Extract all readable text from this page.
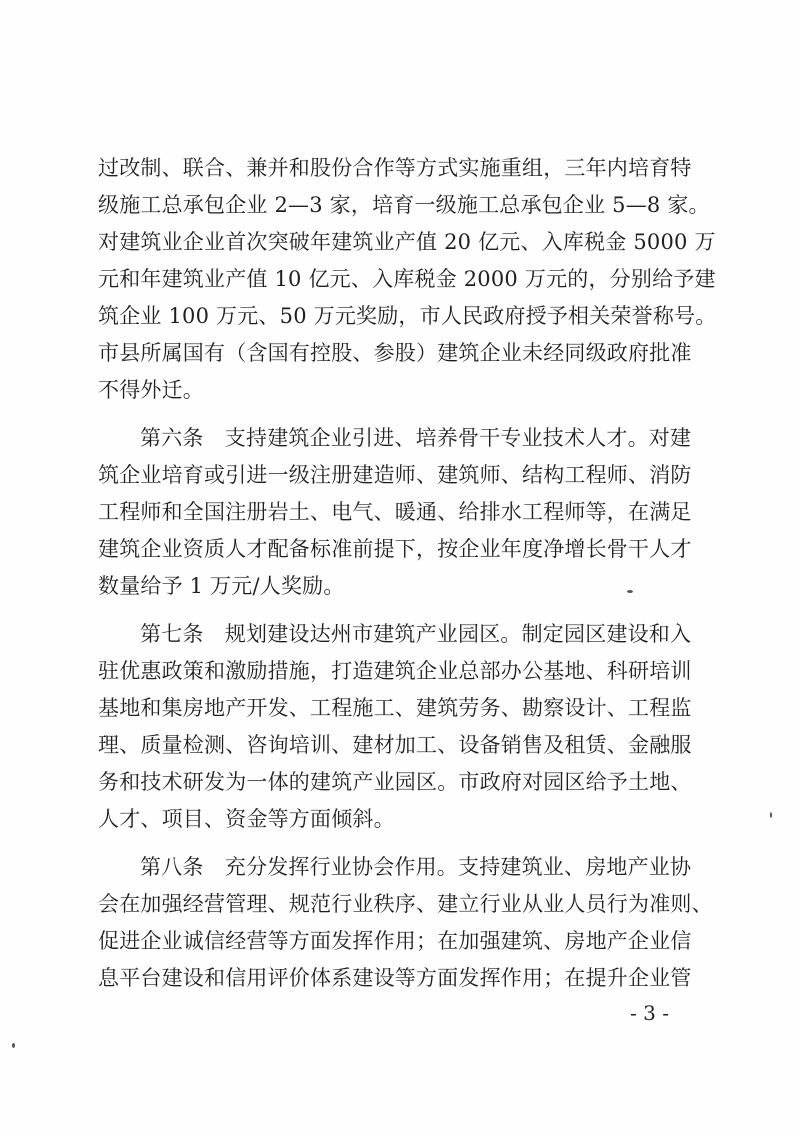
过改制、联合、兼并和股份合作等方式实施重组，三年内培育特
级施工总承包企业 2—3 家，培育一级施工总承包企业 5—8 家。
对建筑业企业首次突破年建筑业产值 20 亿元、入库税金 5000 万
元和年建筑业产值 10 亿元、入库税金 2000 万元的，分别给予建
筑企业 100 万元、50 万元奖励，市人民政府授予相关荣誉称号。
市县所属国有（含国有控股、参股）建筑企业未经同级政府批准
不得外迁。
第六条　支持建筑企业引进、培养骨干专业技术人才。对建
筑企业培育或引进一级注册建造师、建筑师、结构工程师、消防
工程师和全国注册岩土、电气、暖通、给排水工程师等，在满足
建筑企业资质人才配备标准前提下，按企业年度净增长骨干人才
数量给予 1 万元/人奖励。
第七条　规划建设达州市建筑产业园区。制定园区建设和入
驻优惠政策和激励措施，打造建筑企业总部办公基地、科研培训
基地和集房地产开发、工程施工、建筑劳务、勘察设计、工程监
理、质量检测、咨询培训、建材加工、设备销售及租赁、金融服
务和技术研发为一体的建筑产业园区。市政府对园区给予土地、
人才、项目、资金等方面倾斜。
第八条　充分发挥行业协会作用。支持建筑业、房地产业协
会在加强经营管理、规范行业秩序、建立行业从业人员行为准则、
促进企业诚信经营等方面发挥作用；在加强建筑、房地产企业信
息平台建设和信用评价体系建设等方面发挥作用；在提升企业管
- 3 -
